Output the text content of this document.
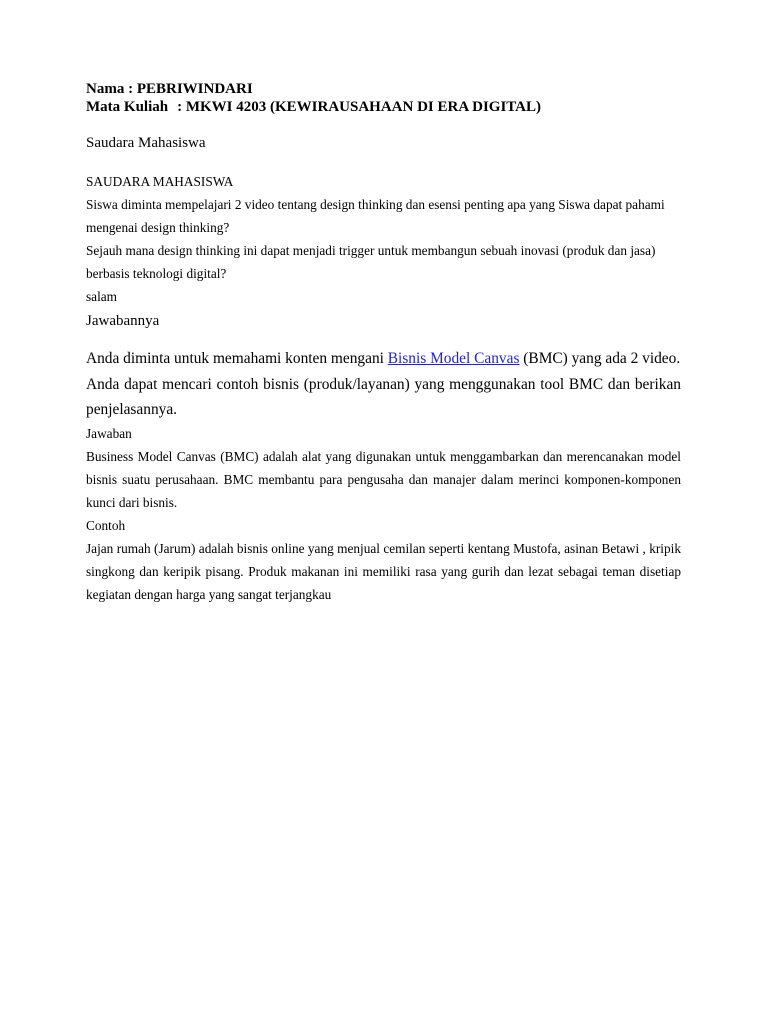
Nama : PEBRIWINDARI

Mata Kuliah : MKWI 4203 (KEWIRAUSAHAAN DI ERA DIGITAL)

Saudara Mahasiswa

SAUDARA MAHASISWA

Siswa diminta mempelajari 2 video tentang design thinking dan esensi penting apa yang Siswa dapat pahami mengenai design thinking?

Sejauh mana design thinking ini dapat menjadi trigger untuk membangun sebuah inovasi (produk dan jasa) berbasis teknologi digital?

salam

Jawabannya

Anda diminta untuk memahami konten mengani Bisnis Model Canvas (BMC) yang ada 2 video.

Anda dapat mencari contoh bisnis (produk/layanan) yang menggunakan tool BMC dan berikan penjelasannya.

Jawaban

Business Model Canvas (BMC) adalah alat yang digunakan untuk menggambarkan dan merencanakan model bisnis suatu perusahaan. BMC membantu para pengusaha dan manajer dalam merinci komponen-komponen kunci dari bisnis.

Contoh

Jajan rumah (Jarum) adalah bisnis online yang menjual cemilan seperti kentang Mustofa, asinan Betawi , kripik singkong dan keripik pisang. Produk makanan ini memiliki rasa yang gurih dan lezat sebagai teman disetiap kegiatan dengan harga yang sangat terjangkau
